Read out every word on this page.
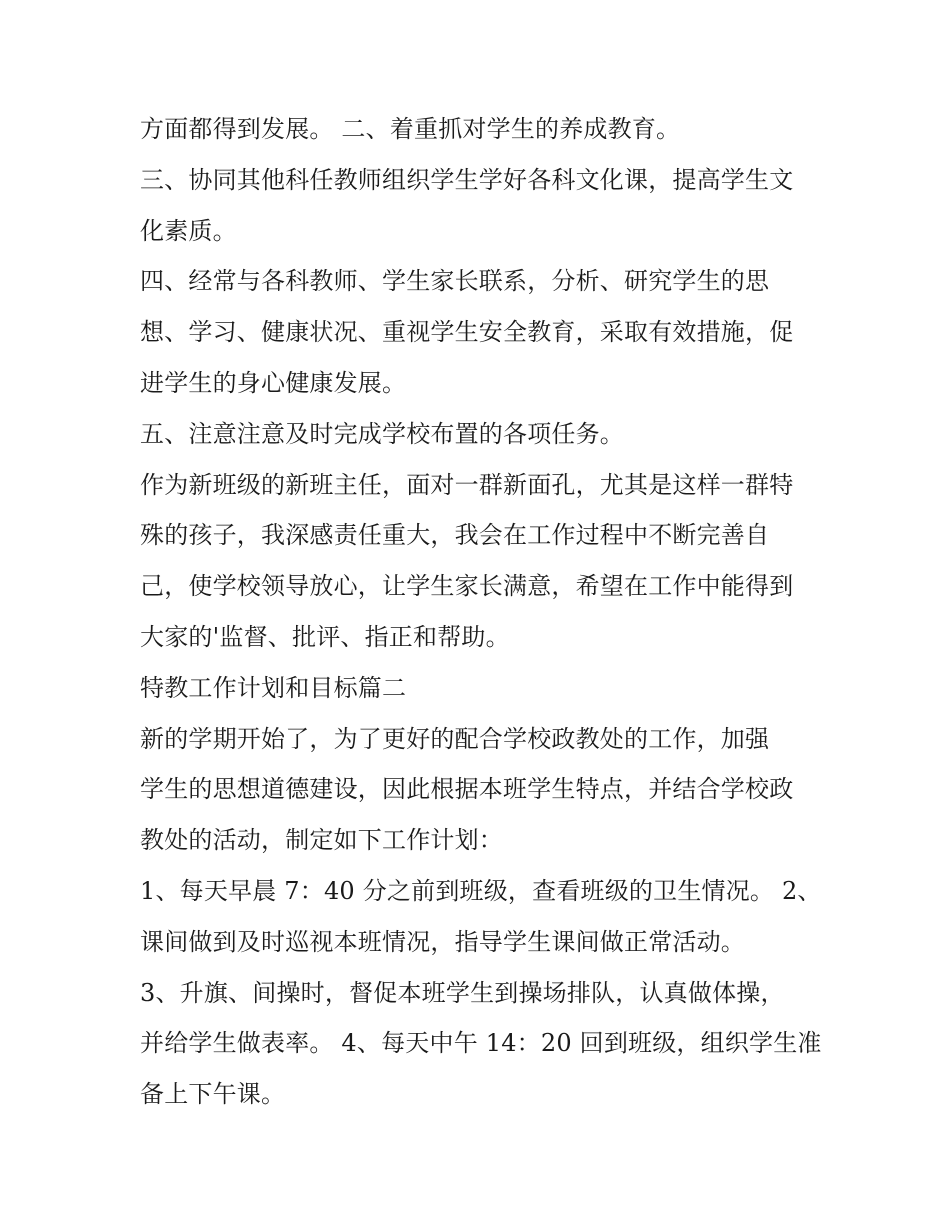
方面都得到发展。 二、着重抓对学生的养成教育。
三、协同其他科任教师组织学生学好各科文化课，提高学生文
化素质。
四、经常与各科教师、学生家长联系，分析、研究学生的思
想、学习、健康状况、重视学生安全教育，采取有效措施，促
进学生的身心健康发展。
五、注意注意及时完成学校布置的各项任务。
作为新班级的新班主任，面对一群新面孔，尤其是这样一群特
殊的孩子，我深感责任重大，我会在工作过程中不断完善自
己，使学校领导放心，让学生家长满意，希望在工作中能得到
大家的'监督、批评、指正和帮助。
特教工作计划和目标篇二
新的学期开始了，为了更好的配合学校政教处的工作，加强
学生的思想道德建设，因此根据本班学生特点，并结合学校政
教处的活动，制定如下工作计划：
1、每天早晨 7：40 分之前到班级，查看班级的卫生情况。 2、
课间做到及时巡视本班情况，指导学生课间做正常活动。
3、升旗、间操时，督促本班学生到操场排队，认真做体操，
并给学生做表率。 4、每天中午 14：20 回到班级，组织学生准
备上下午课。
